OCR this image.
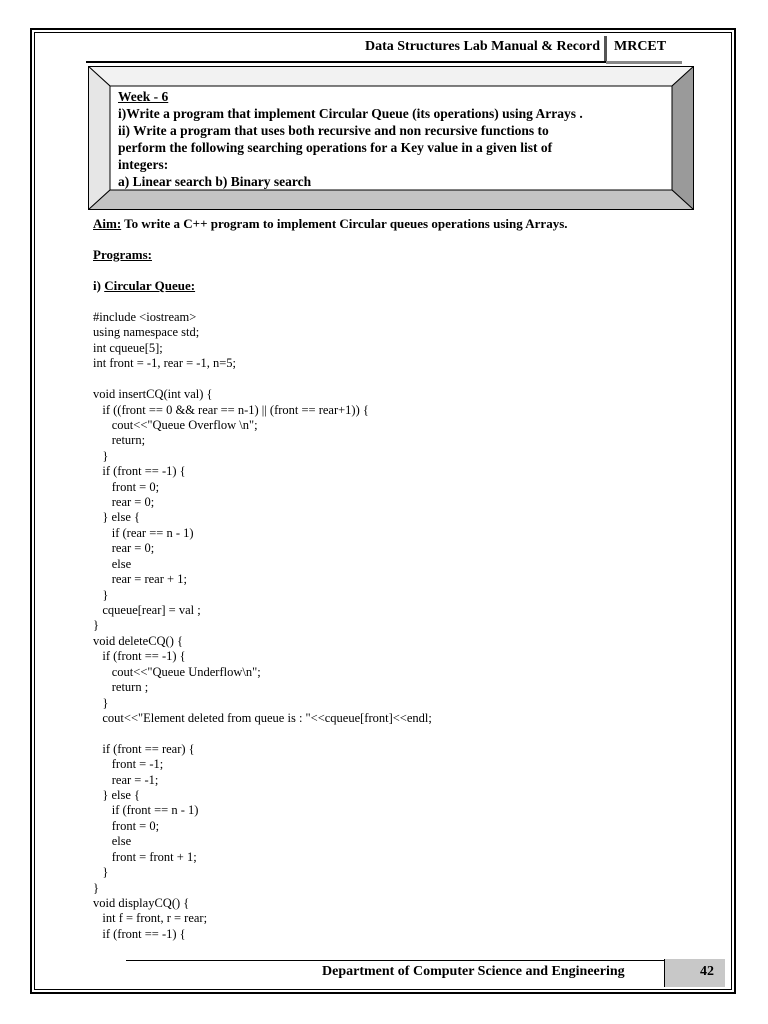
Data Structures Lab Manual & Record MRCET
Week - 6
i)Write a program that implement Circular Queue (its operations) using Arrays .
ii) Write a program that uses both recursive and non recursive functions to
perform the following searching operations for a Key value in a given list of
integers:
a) Linear search b) Binary search
Aim: To write a C++ program to implement Circular queues operations using Arrays.
Programs:
i) Circular Queue:
#include <iostream>
using namespace std;
int cqueue[5];
int front = -1, rear = -1, n=5;
void insertCQ(int val) {
if ((front == 0 && rear == n-1) || (front == rear+1)) {
cout<<"Queue Overflow \n";
return;
}
if (front == -1) {
front = 0;
rear = 0;
} else {
if (rear == n - 1)
rear = 0;
else
rear = rear + 1;
}
cqueue[rear] = val ;
}
void deleteCQ() {
if (front == -1) {
cout<<"Queue Underflow\n";
return ;
}
cout<<"Element deleted from queue is : "<<cqueue[front]<<endl;
if (front == rear) {
front = -1;
rear = -1;
} else {
if (front == n - 1)
front = 0;
else
front = front + 1;
}
}
void displayCQ() {
int f = front, r = rear;
if (front == -1) {
Department of Computer Science and Engineering	42
